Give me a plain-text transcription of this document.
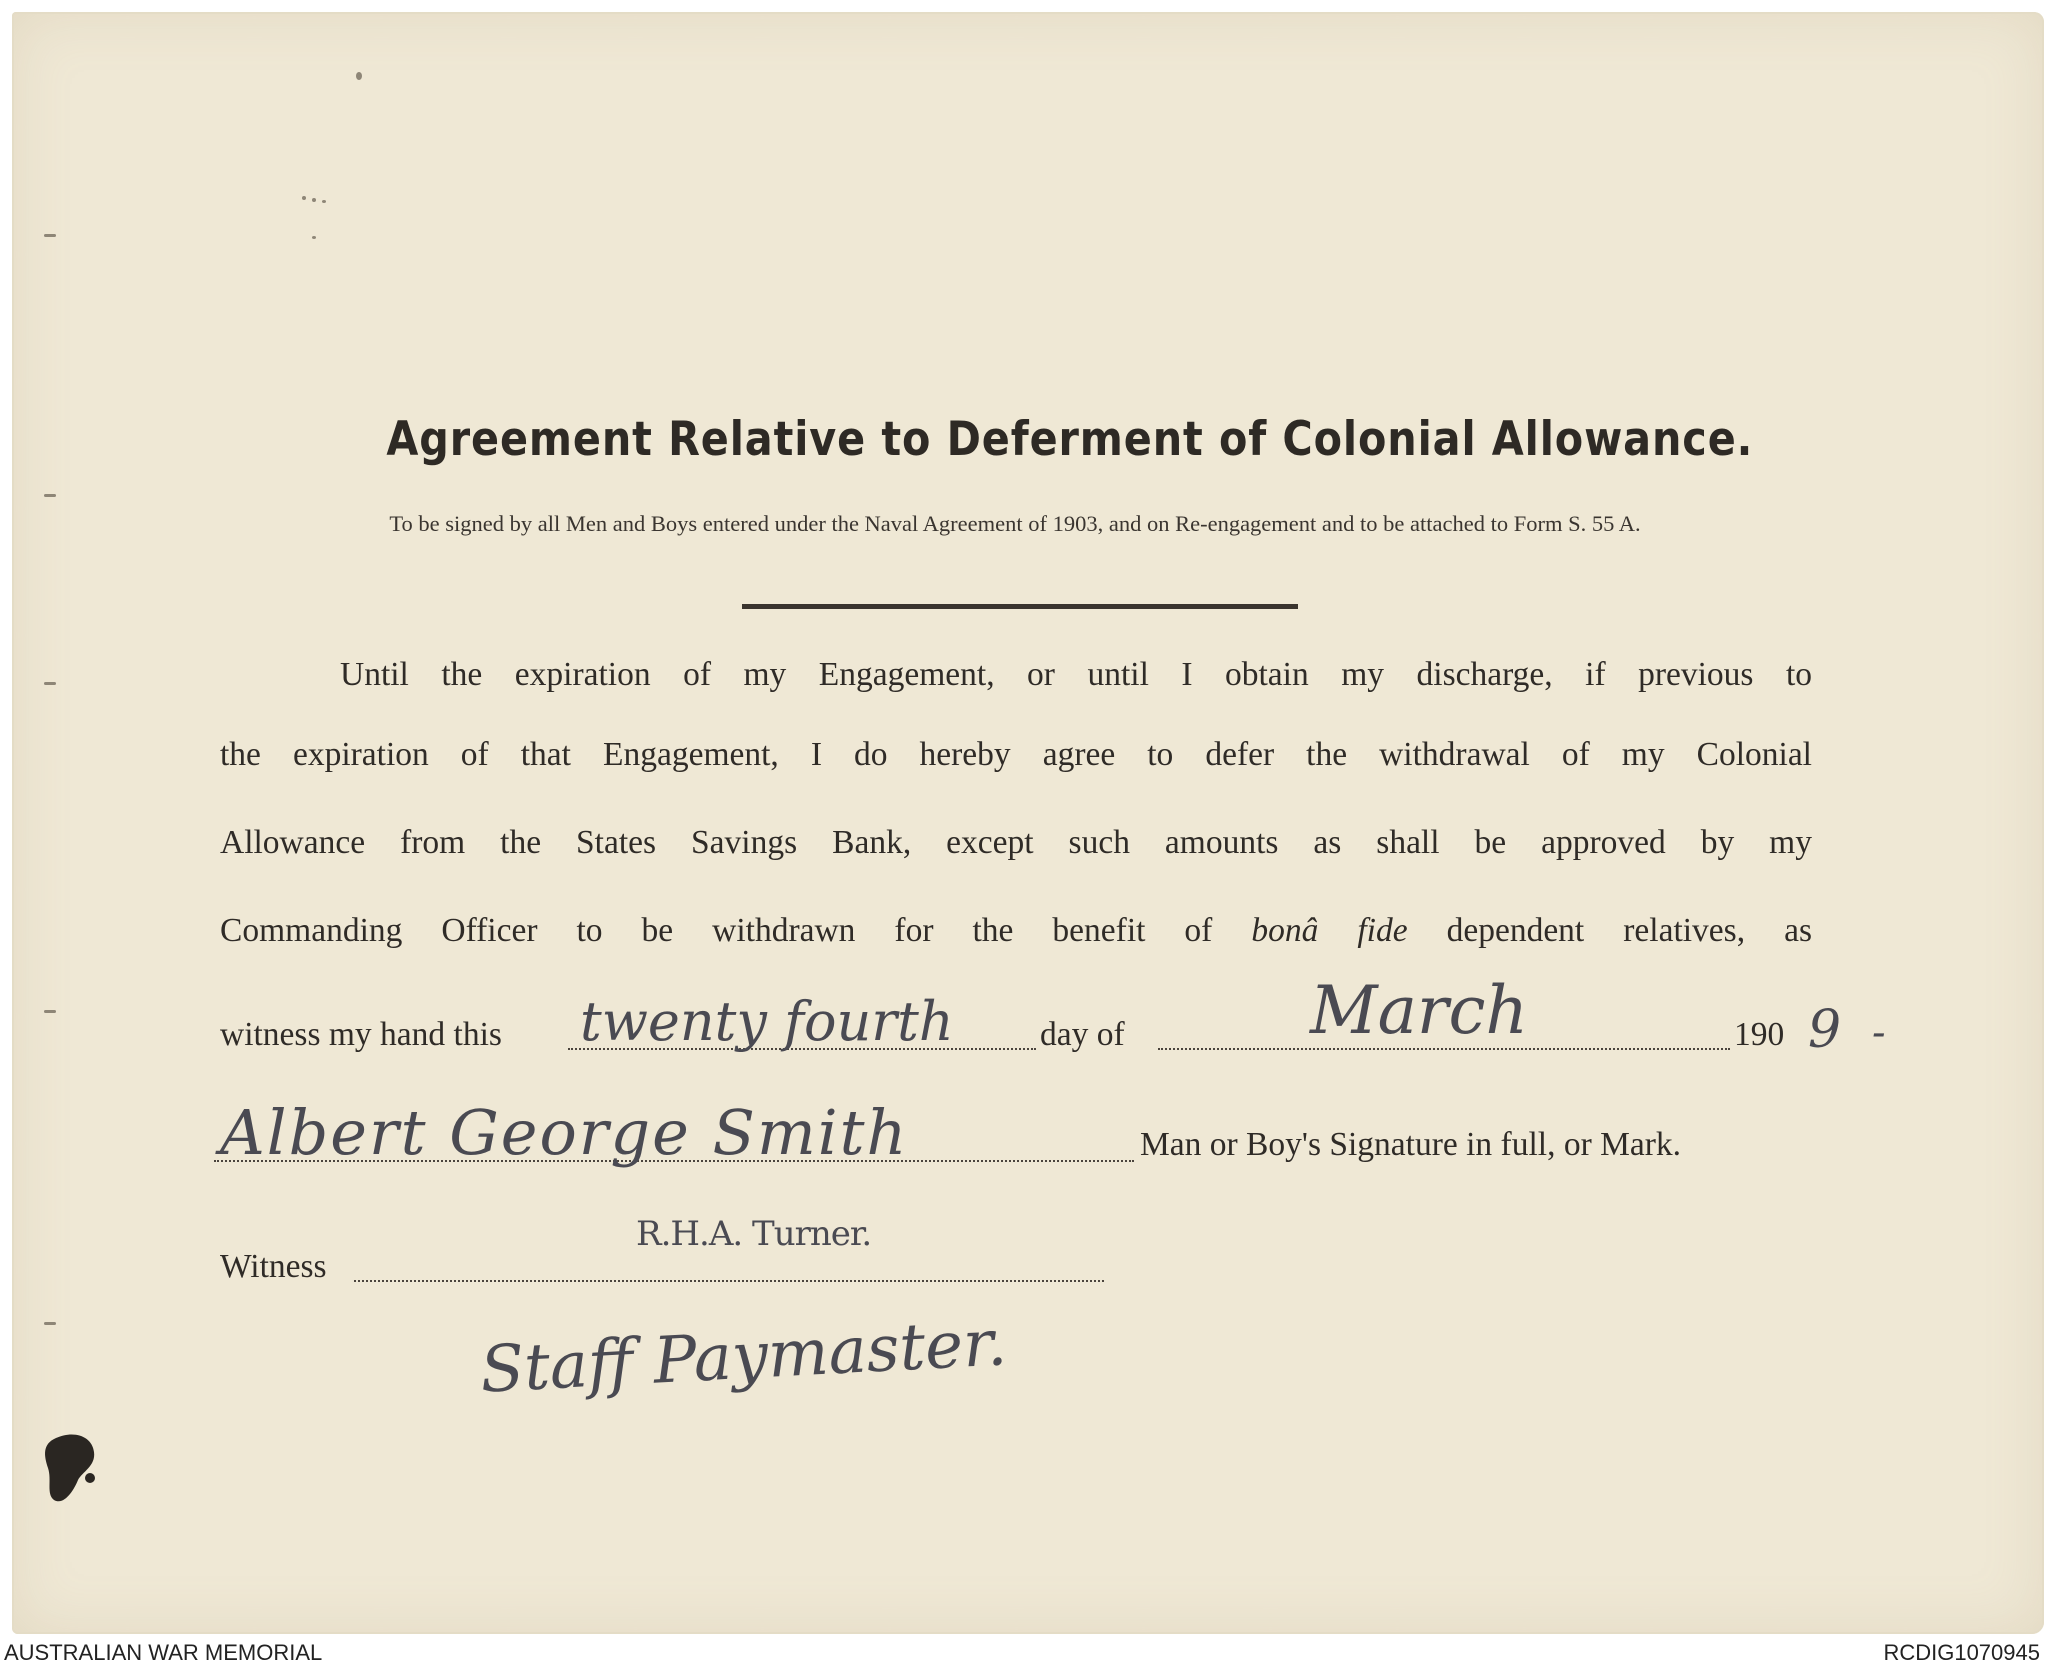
Agreement Relative to Deferment of Colonial Allowance.
To be signed by all Men and Boys entered under the Naval Agreement of 1903, and on Re-engagement and to be attached to Form S. 55 A.
Until the expiration of my Engagement, or until I obtain my discharge, if previous to
the expiration of that Engagement, I do hereby agree to defer the withdrawal of my Colonial
Allowance from the States Savings Bank, except such amounts as shall be approved by my
Commanding Officer to be withdrawn for the benefit of bonâ fide dependent relatives, as
witness my hand this twenty fourth	day of	March	190 9 -
Albert George Smith	Man or Boy's Signature in full, or Mark.
Witness
R.H.A. Turner.
Staff Paymaster.
AUSTRALIAN WAR MEMORIAL	RCDIG1070945
